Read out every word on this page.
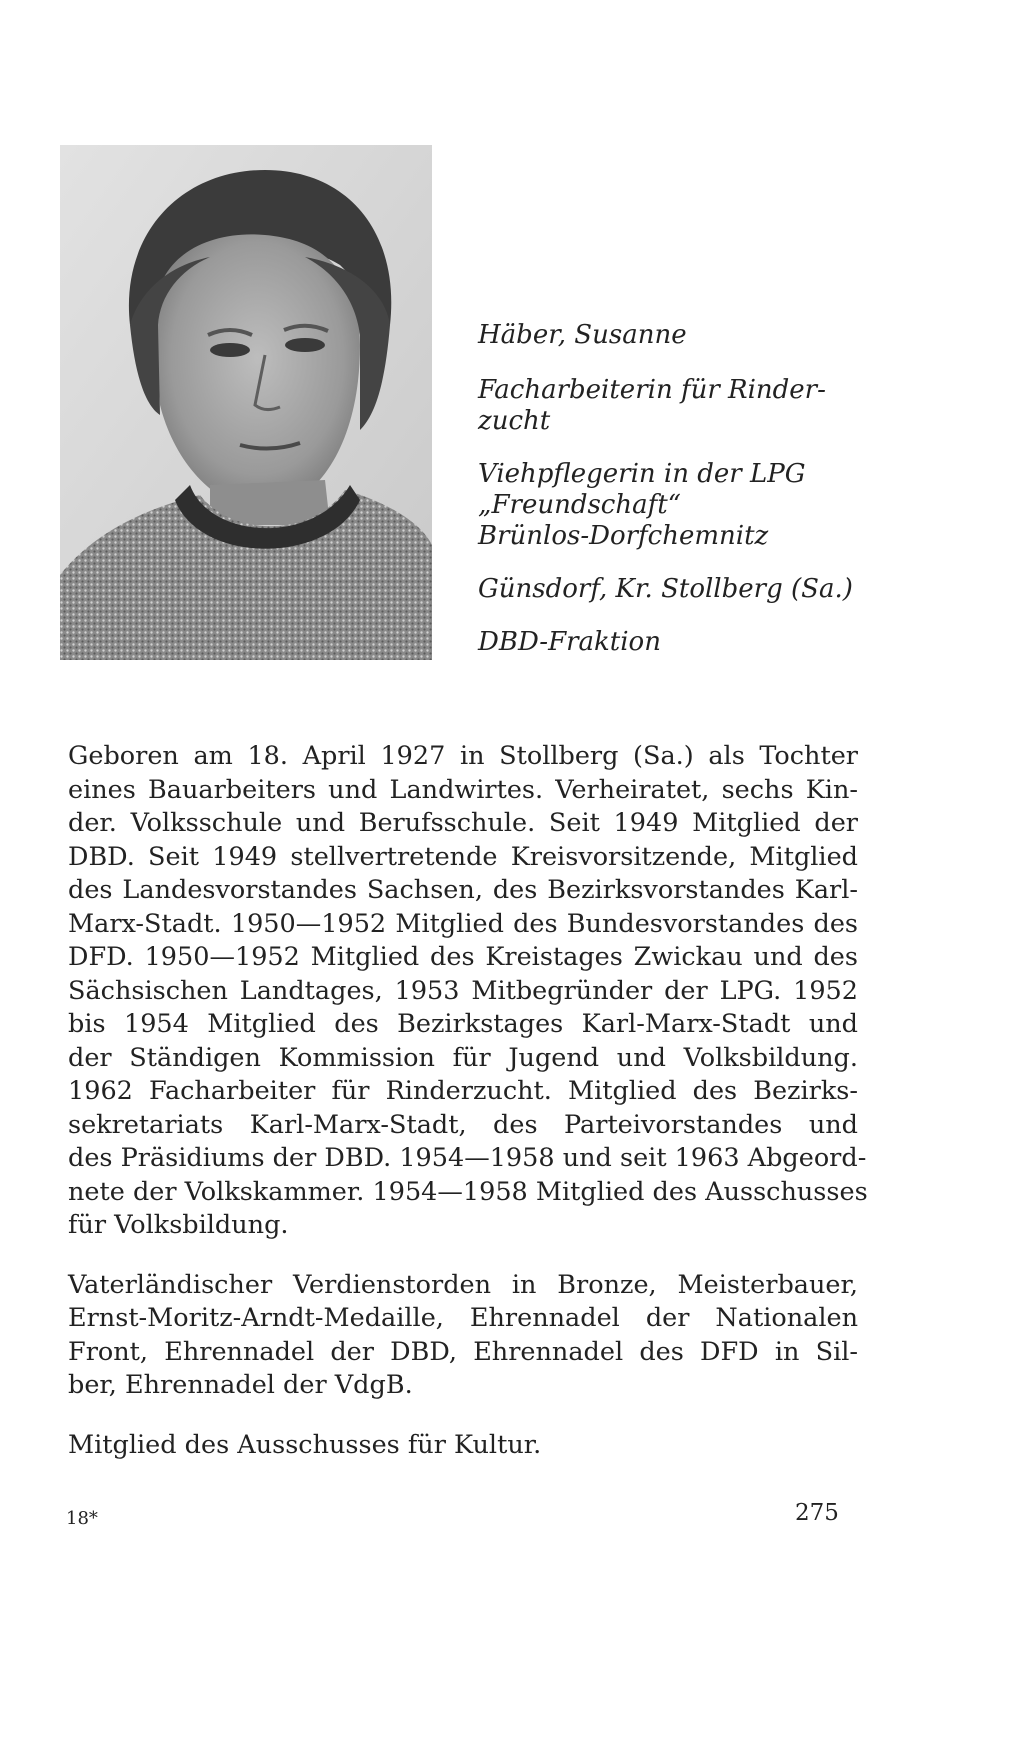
Häber, Susanne

Facharbeiterin für Rinder-
zucht

Viehpflegerin in der LPG
„Freundschaft“
Brünlos-Dorfchemnitz

Günsdorf, Kr. Stollberg (Sa.)

DBD-Fraktion

Geboren am 18. April 1927 in Stollberg (Sa.) als Tochter
eines Bauarbeiters und Landwirtes. Verheiratet, sechs Kin-
der. Volksschule und Berufsschule. Seit 1949 Mitglied der
DBD. Seit 1949 stellvertretende Kreisvorsitzende, Mitglied
des Landesvorstandes Sachsen, des Bezirksvorstandes Karl-
Marx-Stadt. 1950—1952 Mitglied des Bundesvorstandes des
DFD. 1950—1952 Mitglied des Kreistages Zwickau und des
Sächsischen Landtages, 1953 Mitbegründer der LPG. 1952
bis 1954 Mitglied des Bezirkstages Karl-Marx-Stadt und
der Ständigen Kommission für Jugend und Volksbildung.
1962 Facharbeiter für Rinderzucht. Mitglied des Bezirks-
sekretariats Karl-Marx-Stadt, des Parteivorstandes und
des Präsidiums der DBD. 1954—1958 und seit 1963 Abgeord-
nete der Volkskammer. 1954—1958 Mitglied des Ausschusses
für Volksbildung.

Vaterländischer Verdienstorden in Bronze, Meisterbauer,
Ernst-Moritz-Arndt-Medaille, Ehrennadel der Nationalen
Front, Ehrennadel der DBD, Ehrennadel des DFD in Sil-
ber, Ehrennadel der VdgB.

Mitglied des Ausschusses für Kultur.

18*	275
